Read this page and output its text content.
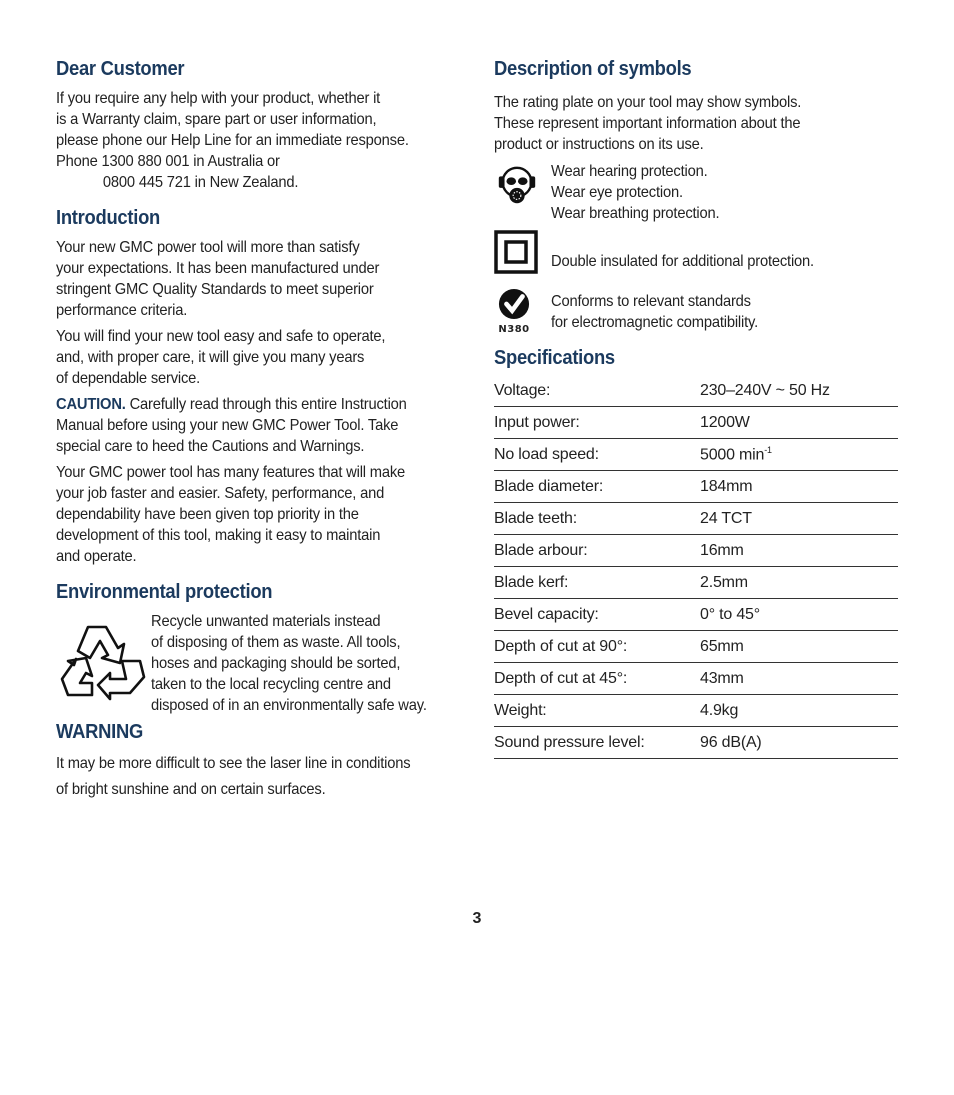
Dear Customer
If you require any help with your product, whether it
is a Warranty claim, spare part or user information,
please phone our Help Line for an immediate response.
Phone 1300 880 001 in Australia or
0800 445 721 in New Zealand.
Introduction
Your new GMC power tool will more than satisfy
your expectations. It has been manufactured under
stringent GMC Quality Standards to meet superior
performance criteria.
You will find your new tool easy and safe to operate,
and, with proper care, it will give you many years
of dependable service.
CAUTION. Carefully read through this entire Instruction
Manual before using your new GMC Power Tool. Take
special care to heed the Cautions and Warnings.
Your GMC power tool has many features that will make
your job faster and easier. Safety, performance, and
dependability have been given top priority in the
development of this tool, making it easy to maintain
and operate.
Environmental protection
Recycle unwanted materials instead
of disposing of them as waste. All tools,
hoses and packaging should be sorted,
taken to the local recycling centre and
disposed of in an environmentally safe way.
WARNING
It may be more difficult to see the laser line in conditions
of bright sunshine and on certain surfaces.
Description of symbols
The rating plate on your tool may show symbols.
These represent important information about the
product or instructions on its use.
Wear hearing protection.
Wear eye protection.
Wear breathing protection.
Double insulated for additional protection.
N380
Conforms to relevant standards
for electromagnetic compatibility.
Specifications
Voltage:	230–240V ~ 50 Hz
Input power:	1200W
No load speed:	5000 $\min^{-1}$
Blade diameter:	184mm
Blade teeth:	24 TCT
Blade arbour:	16mm
Blade kerf:	2.5mm
Bevel capacity:	0° to 45°
Depth of cut at 90°:	65mm
Depth of cut at 45°:	43mm
Weight:	4.9kg
Sound pressure level:	96 dB(A)
3
